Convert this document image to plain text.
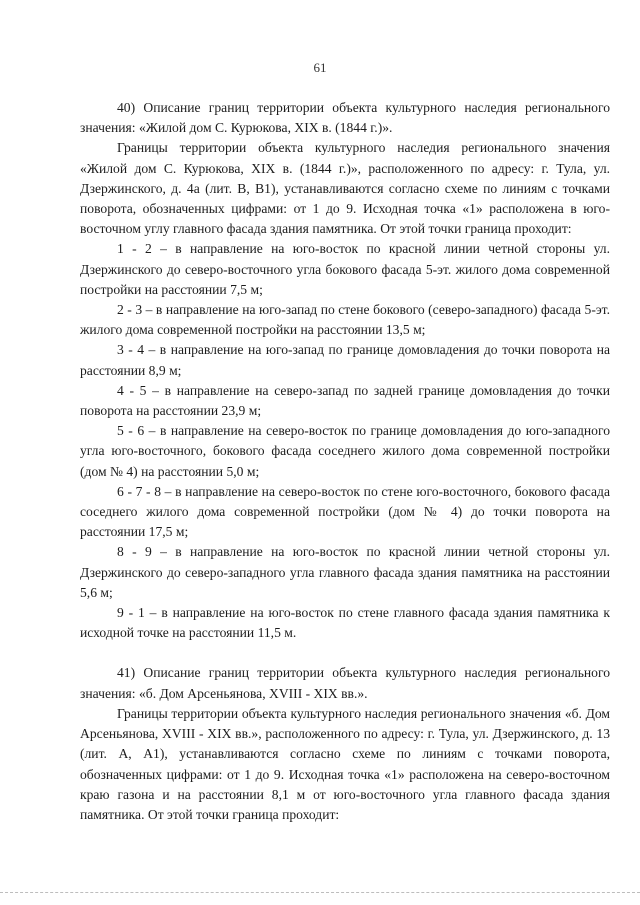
61

40) Описание границ территории объекта культурного наследия регионального значения: «Жилой дом С. Курюкова, XIX в. (1844 г.)».

Границы территории объекта культурного наследия регионального значения «Жилой дом С. Курюкова, XIX в. (1844 г.)», расположенного по адресу: г. Тула, ул. Дзержинского, д. 4а (лит. В, В1), устанавливаются согласно схеме по линиям с точками поворота, обозначенных цифрами: от 1 до 9. Исходная точка «1» расположена в юго-восточном углу главного фасада здания памятника. От этой точки граница проходит:

1 - 2 – в направление на юго-восток по красной линии четной стороны ул. Дзержинского до северо-восточного угла бокового фасада 5-эт. жилого дома современной постройки на расстоянии 7,5 м;

2 - 3 – в направление на юго-запад по стене бокового (северо-западного) фасада 5-эт. жилого дома современной постройки на расстоянии 13,5 м;

3 - 4 – в направление на юго-запад по границе домовладения до точки поворота на расстоянии 8,9 м;

4 - 5 – в направление на северо-запад по задней границе домовладения до точки поворота на расстоянии 23,9 м;

5 - 6 – в направление на северо-восток по границе домовладения до юго-западного угла юго-восточного, бокового фасада соседнего жилого дома современной постройки (дом № 4) на расстоянии 5,0 м;

6 - 7 - 8 – в направление на северо-восток по стене юго-восточного, бокового фасада соседнего жилого дома современной постройки (дом № 4) до точки поворота на расстоянии 17,5 м;

8 - 9 – в направление на юго-восток по красной линии четной стороны ул. Дзержинского до северо-западного угла главного фасада здания памятника на расстоянии 5,6 м;

9 - 1 – в направление на юго-восток по стене главного фасада здания памятника к исходной точке на расстоянии 11,5 м.

41) Описание границ территории объекта культурного наследия регионального значения: «б. Дом Арсеньянова, XVIII - XIX вв.».

Границы территории объекта культурного наследия регионального значения «б. Дом Арсеньянова, XVIII - XIX вв.», расположенного по адресу: г. Тула, ул. Дзержинского, д. 13 (лит. А, А1), устанавливаются согласно схеме по линиям с точками поворота, обозначенных цифрами: от 1 до 9. Исходная точка «1» расположена на северо-восточном краю газона и на расстоянии 8,1 м от юго-восточного угла главного фасада здания памятника. От этой точки граница проходит:
